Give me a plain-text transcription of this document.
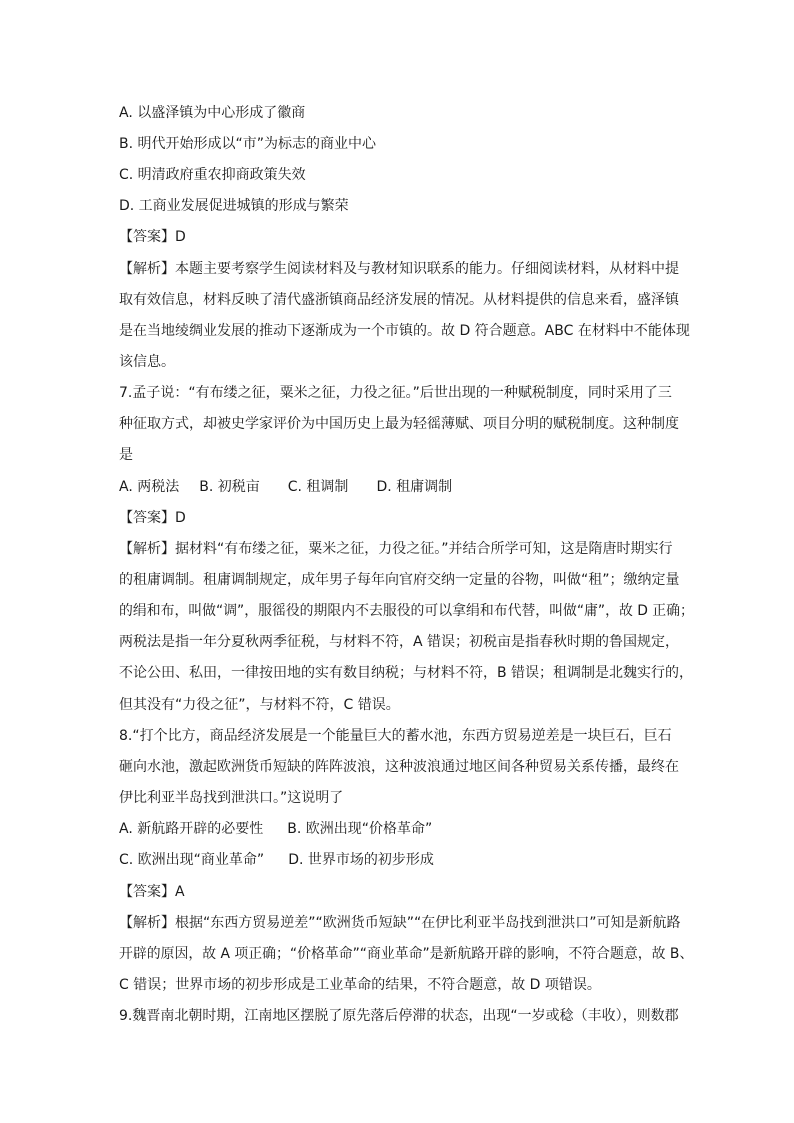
A. 以盛泽镇为中心形成了徽商
B. 明代开始形成以“市”为标志的商业中心
C. 明清政府重农抑商政策失效
D. 工商业发展促进城镇的形成与繁荣
【答案】D
【解析】本题主要考察学生阅读材料及与教材知识联系的能力。仔细阅读材料，从材料中提
取有效信息，材料反映了清代盛浙镇商品经济发展的情况。从材料提供的信息来看，盛泽镇
是在当地绫绸业发展的推动下逐渐成为一个市镇的。故 D 符合题意。ABC 在材料中不能体现
该信息。
7.孟子说：“有布缕之征，粟米之征，力役之征。”后世出现的一种赋税制度，同时采用了三
种征取方式，却被史学家评价为中国历史上最为轻徭薄赋、项目分明的赋税制度。这种制度
是
A. 两税法 B. 初税亩 C. 租调制 D. 租庸调制
【答案】D
【解析】据材料“有布缕之征，粟米之征，力役之征。”并结合所学可知，这是隋唐时期实行
的租庸调制。租庸调制规定，成年男子每年向官府交纳一定量的谷物，叫做“租”；缴纳定量
的绢和布，叫做“调”，服徭役的期限内不去服役的可以拿绢和布代替，叫做“庸”，故 D 正确；
两税法是指一年分夏秋两季征税，与材料不符，A 错误；初税亩是指春秋时期的鲁国规定，
不论公田、私田，一律按田地的实有数目纳税；与材料不符，B 错误；租调制是北魏实行的，
但其没有“力役之征”，与材料不符，C 错误。
8.“打个比方，商品经济发展是一个能量巨大的蓄水池，东西方贸易逆差是一块巨石，巨石
砸向水池，激起欧洲货币短缺的阵阵波浪，这种波浪通过地区间各种贸易关系传播，最终在
伊比利亚半岛找到泄洪口。”这说明了
A. 新航路开辟的必要性 B. 欧洲出现“价格革命”
C. 欧洲出现“商业革命” D. 世界市场的初步形成
【答案】A
【解析】根据“东西方贸易逆差”“欧洲货币短缺”“在伊比利亚半岛找到泄洪口”可知是新航路
开辟的原因，故 A 项正确；“价格革命”“商业革命”是新航路开辟的影响，不符合题意，故 B、
C 错误；世界市场的初步形成是工业革命的结果，不符合题意，故 D 项错误。
9.魏晋南北朝时期，江南地区摆脱了原先落后停滞的状态，出现“一岁或稔（丰收），则数郡
